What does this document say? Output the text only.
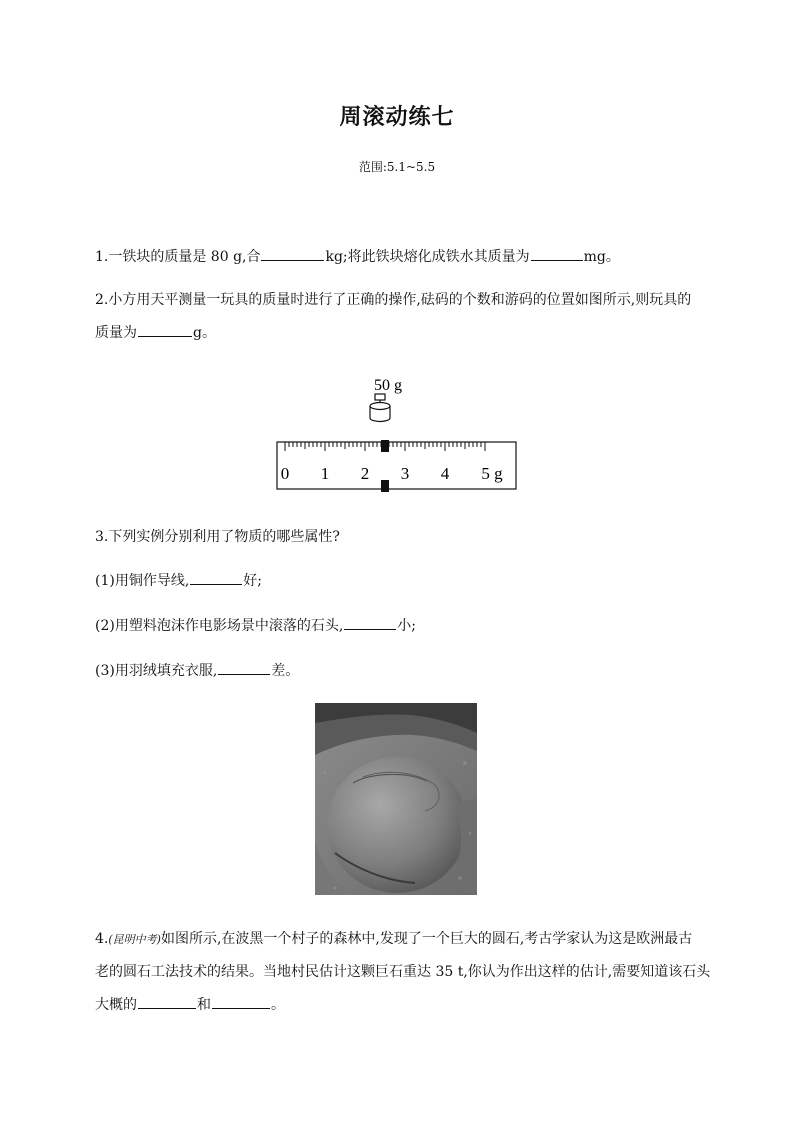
周滚动练七
范围:5.1~5.5
1.一铁块的质量是 80 g,合	kg;将此铁块熔化成铁水其质量为	mg。
2.小方用天平测量一玩具的质量时进行了正确的操作,砝码的个数和游码的位置如图所示,则玩具的
质量为	g。
50 g
0 1 2 3 4 5 g
3.下列实例分别利用了物质的哪些属性?
(1)用铜作导线,	好;
(2)用塑料泡沫作电影场景中滚落的石头,	小;
(3)用羽绒填充衣服,	差。
4.(昆明中考)如图所示,在波黑一个村子的森林中,发现了一个巨大的圆石,考古学家认为这是欧洲最古
老的圆石工法技术的结果。当地村民估计这颗巨石重达 35 t,你认为作出这样的估计,需要知道该石头
大概的	和	。
